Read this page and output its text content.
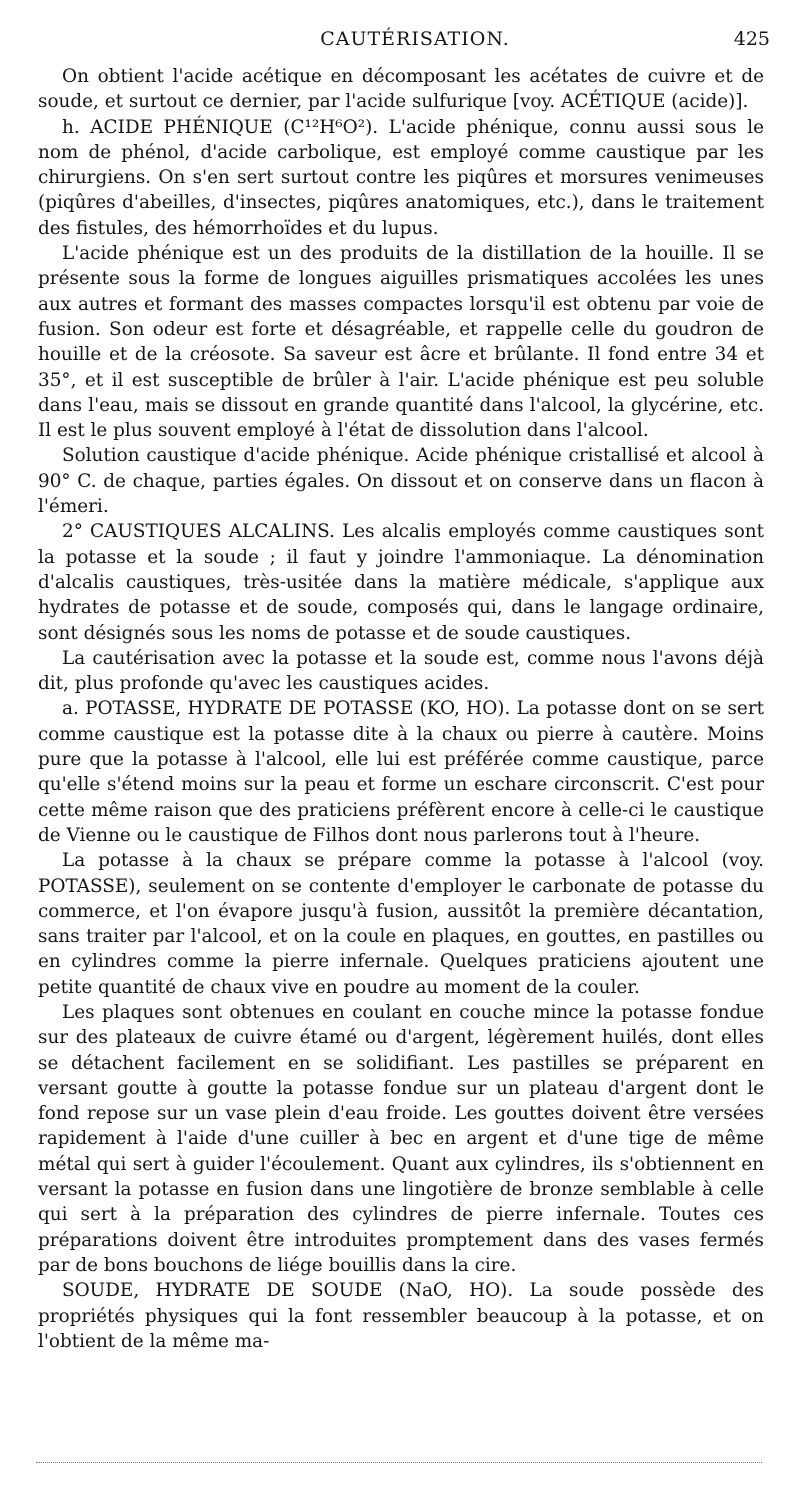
CAUTÉRISATION.	425

On obtient l'acide acétique en décomposant les acétates de cuivre et de soude, et surtout ce dernier, par l'acide sulfurique [voy. ACÉTIQUE (acide)].

h. ACIDE PHÉNIQUE (C¹²H⁶O²). L'acide phénique, connu aussi sous le nom de phénol, d'acide carbolique, est employé comme caustique par les chirurgiens. On s'en sert surtout contre les piqûres et morsures venimeuses (piqûres d'abeilles, d'insectes, piqûres anatomiques, etc.), dans le traitement des fistules, des hémorrhoïdes et du lupus.

L'acide phénique est un des produits de la distillation de la houille. Il se présente sous la forme de longues aiguilles prismatiques accolées les unes aux autres et formant des masses compactes lorsqu'il est obtenu par voie de fusion. Son odeur est forte et désagréable, et rappelle celle du goudron de houille et de la créosote. Sa saveur est âcre et brûlante. Il fond entre 34 et 35°, et il est susceptible de brûler à l'air. L'acide phénique est peu soluble dans l'eau, mais se dissout en grande quantité dans l'alcool, la glycérine, etc. Il est le plus souvent employé à l'état de dissolution dans l'alcool.

Solution caustique d'acide phénique. Acide phénique cristallisé et alcool à 90° C. de chaque, parties égales. On dissout et on conserve dans un flacon à l'émeri.

2° CAUSTIQUES ALCALINS. Les alcalis employés comme caustiques sont la potasse et la soude ; il faut y joindre l'ammoniaque. La dénomination d'alcalis caustiques, très-usitée dans la matière médicale, s'applique aux hydrates de potasse et de soude, composés qui, dans le langage ordinaire, sont désignés sous les noms de potasse et de soude caustiques.

La cautérisation avec la potasse et la soude est, comme nous l'avons déjà dit, plus profonde qu'avec les caustiques acides.

a. POTASSE, HYDRATE DE POTASSE (KO, HO). La potasse dont on se sert comme caustique est la potasse dite à la chaux ou pierre à cautère. Moins pure que la potasse à l'alcool, elle lui est préférée comme caustique, parce qu'elle s'étend moins sur la peau et forme un eschare circonscrit. C'est pour cette même raison que des praticiens préfèrent encore à celle-ci le caustique de Vienne ou le caustique de Filhos dont nous parlerons tout à l'heure.

La potasse à la chaux se prépare comme la potasse à l'alcool (voy. POTASSE), seulement on se contente d'employer le carbonate de potasse du commerce, et l'on évapore jusqu'à fusion, aussitôt la première décantation, sans traiter par l'alcool, et on la coule en plaques, en gouttes, en pastilles ou en cylindres comme la pierre infernale. Quelques praticiens ajoutent une petite quantité de chaux vive en poudre au moment de la couler.

Les plaques sont obtenues en coulant en couche mince la potasse fondue sur des plateaux de cuivre étamé ou d'argent, légèrement huilés, dont elles se détachent facilement en se solidifiant. Les pastilles se préparent en versant goutte à goutte la potasse fondue sur un plateau d'argent dont le fond repose sur un vase plein d'eau froide. Les gouttes doivent être versées rapidement à l'aide d'une cuiller à bec en argent et d'une tige de même métal qui sert à guider l'écoulement. Quant aux cylindres, ils s'obtiennent en versant la potasse en fusion dans une lingotière de bronze semblable à celle qui sert à la préparation des cylindres de pierre infernale. Toutes ces préparations doivent être introduites promptement dans des vases fermés par de bons bouchons de liége bouillis dans la cire.

SOUDE, HYDRATE DE SOUDE (NaO, HO). La soude possède des propriétés physiques qui la font ressembler beaucoup à la potasse, et on l'obtient de la même ma-
